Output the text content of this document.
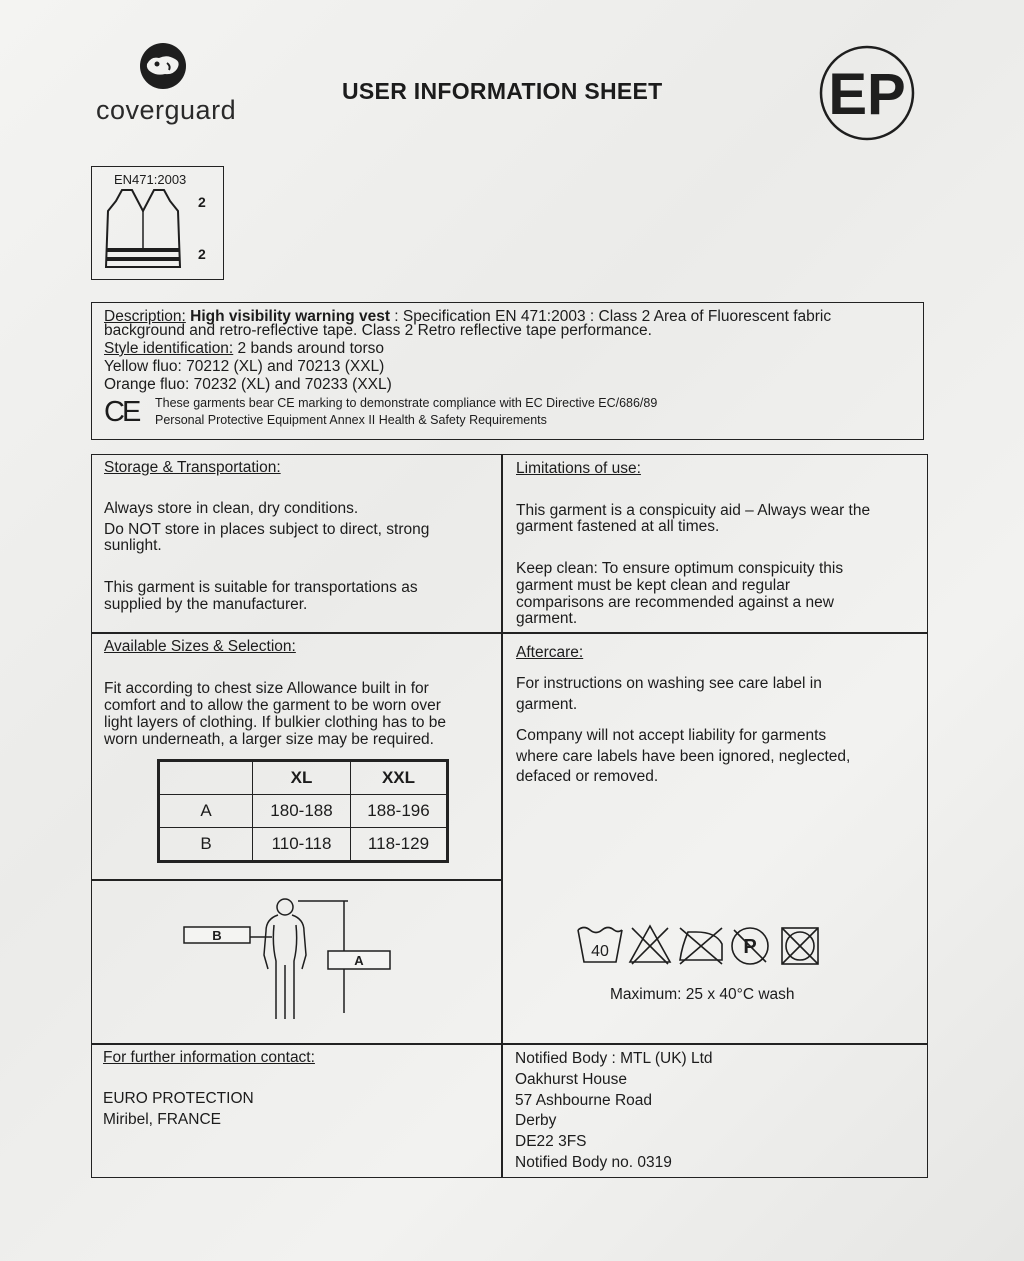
coverguard
USER INFORMATION SHEET	EP
EN471:2003
2
2
Description: High visibility warning vest : Specification EN 471:2003 : Class 2 Area of Fluorescent fabric
background and retro-reflective tape. Class 2 Retro reflective tape performance.
Style identification: 2 bands around torso
Yellow fluo: 70212 (XL) and 70213 (XXL)
Orange fluo: 70232 (XL) and 70233 (XXL)
CE These garments bear CE marking to demonstrate compliance with EC Directive EC/686/89
Personal Protective Equipment Annex II Health & Safety Requirements
Storage & Transportation:
Always store in clean, dry conditions.
Do NOT store in places subject to direct, strong
sunlight.
This garment is suitable for transportations as
supplied by the manufacturer.
Limitations of use:
This garment is a conspicuity aid – Always wear the
garment fastened at all times.
Keep clean: To ensure optimum conspicuity this
garment must be kept clean and regular
comparisons are recommended against a new
garment.
Available Sizes & Selection:
Fit according to chest size Allowance built in for
comfort and to allow the garment to be worn over
light layers of clothing. If bulkier clothing has to be
worn underneath, a larger size may be required.
	XL	XXL
A	180-188	188-196
B	110-118	118-129
B
A
Aftercare:
For instructions on washing see care label in
garment.
Company will not accept liability for garments
where care labels have been ignored, neglected,
defaced or removed.
40	P
Maximum: 25 x 40°C wash
For further information contact:
EURO PROTECTION
Miribel, FRANCE
Notified Body : MTL (UK) Ltd
Oakhurst House
57 Ashbourne Road
Derby
DE22 3FS
Notified Body no. 0319
